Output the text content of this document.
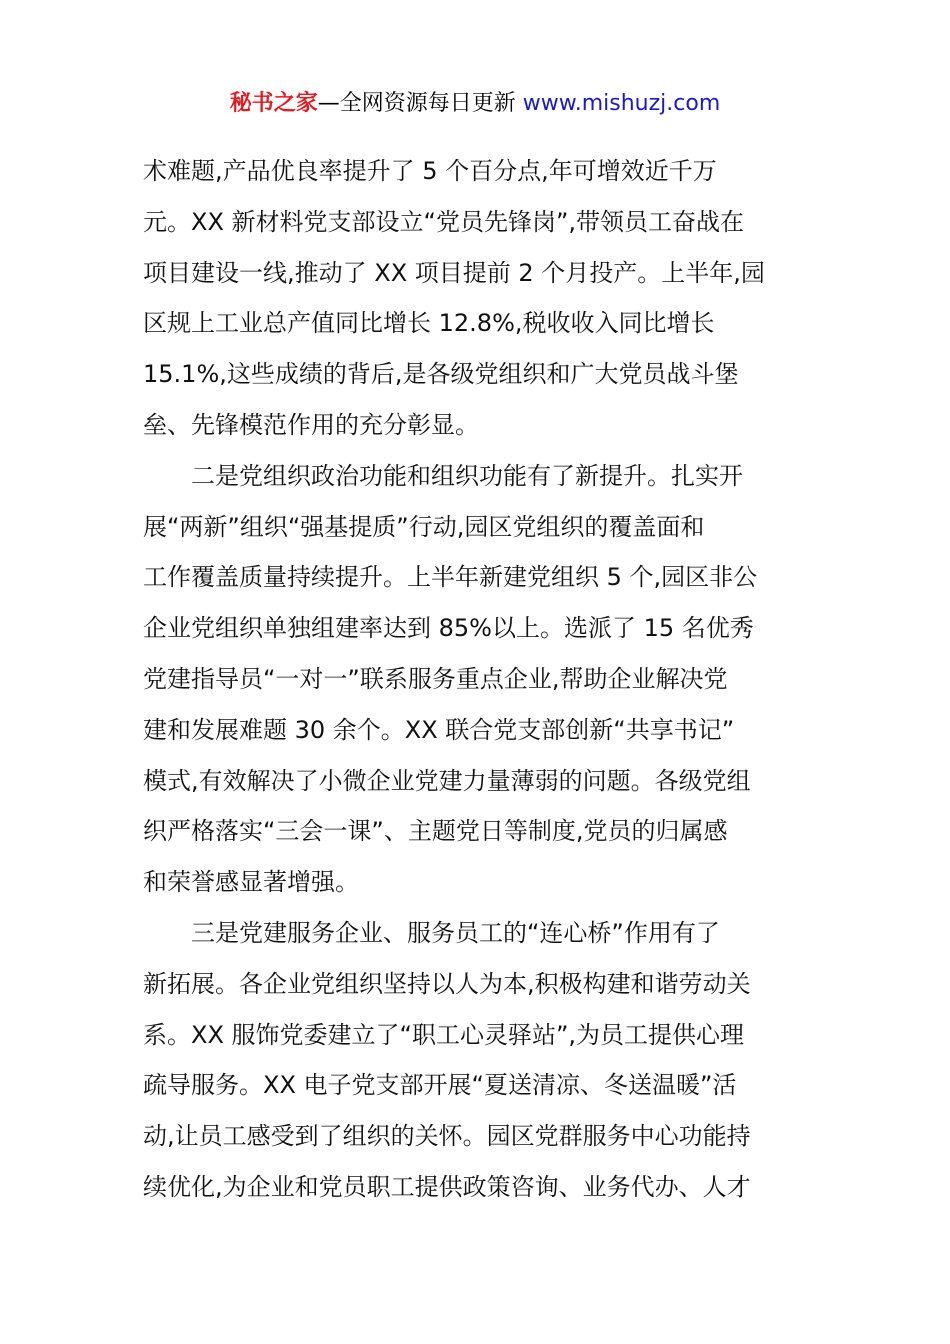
秘书之家—全网资源每日更新 www.mishuzj.com
术难题,产品优良率提升了 5 个百分点,年可增效近千万
元。XX 新材料党支部设立“党员先锋岗”,带领员工奋战在
项目建设一线,推动了 XX 项目提前 2 个月投产。上半年,园
区规上工业总产值同比增长 12.8%,税收收入同比增长
15.1%,这些成绩的背后,是各级党组织和广大党员战斗堡
垒、先锋模范作用的充分彰显。
二是党组织政治功能和组织功能有了新提升。扎实开
展“两新”组织“强基提质”行动,园区党组织的覆盖面和
工作覆盖质量持续提升。上半年新建党组织 5 个,园区非公
企业党组织单独组建率达到 85%以上。选派了 15 名优秀
党建指导员“一对一”联系服务重点企业,帮助企业解决党
建和发展难题 30 余个。XX 联合党支部创新“共享书记”
模式,有效解决了小微企业党建力量薄弱的问题。各级党组
织严格落实“三会一课”、主题党日等制度,党员的归属感
和荣誉感显著增强。
三是党建服务企业、服务员工的“连心桥”作用有了
新拓展。各企业党组织坚持以人为本,积极构建和谐劳动关
系。XX 服饰党委建立了“职工心灵驿站”,为员工提供心理
疏导服务。XX 电子党支部开展“夏送清凉、冬送温暖”活
动,让员工感受到了组织的关怀。园区党群服务中心功能持
续优化,为企业和党员职工提供政策咨询、业务代办、人才
